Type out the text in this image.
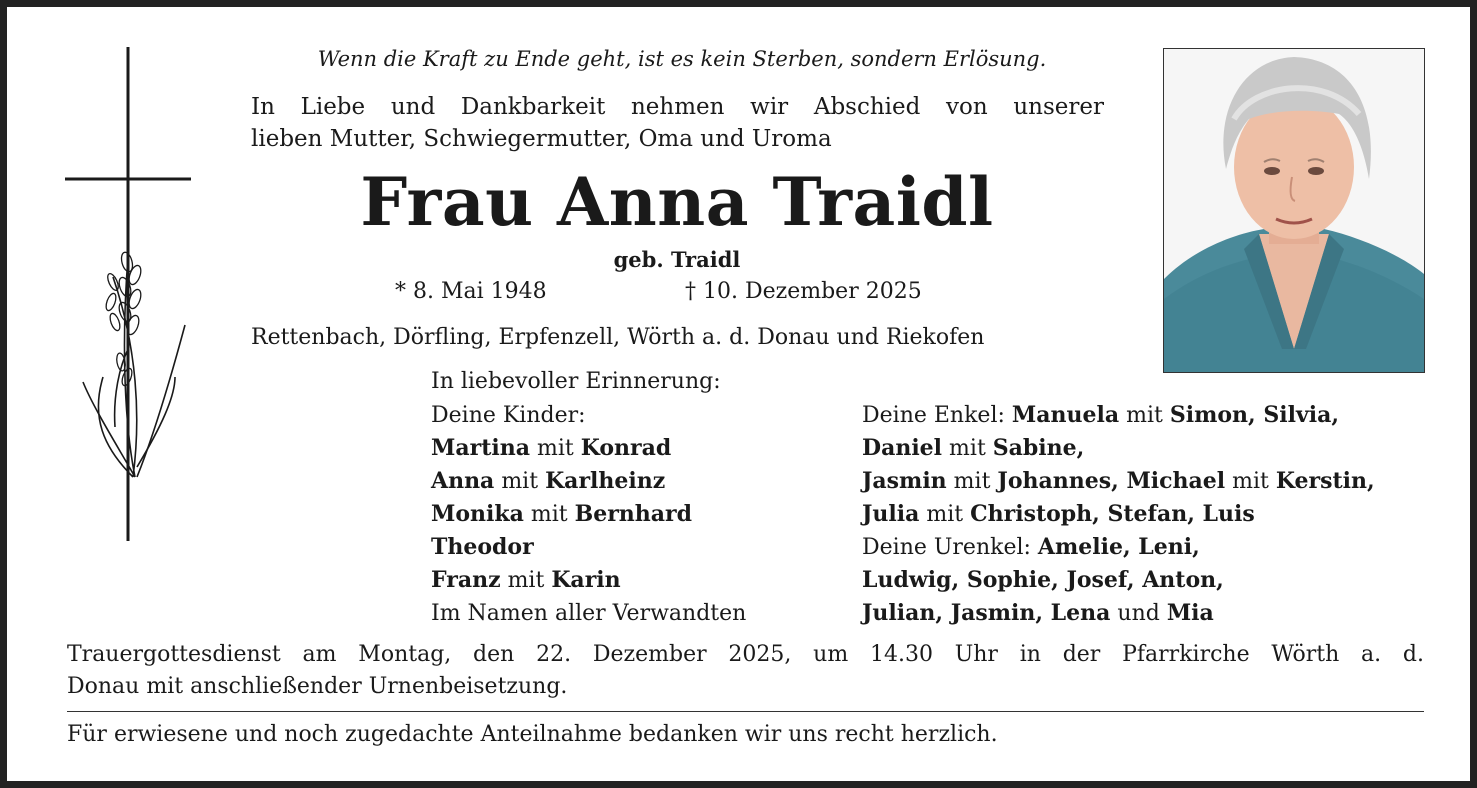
Wenn die Kraft zu Ende geht, ist es kein Sterben, sondern Erlösung.
In Liebe und Dankbarkeit nehmen wir Abschied von unserer
lieben Mutter, Schwiegermutter, Oma und Uroma
Frau Anna Traidl
geb. Traidl
* 8. Mai 1948	† 10. Dezember 2025
Rettenbach, Dörfling, Erpfenzell, Wörth a. d. Donau und Riekofen
In liebevoller Erinnerung:
Deine Kinder:
Martina mit Konrad
Anna mit Karlheinz
Monika mit Bernhard
Theodor
Franz mit Karin
Im Namen aller Verwandten
Deine Enkel: Manuela mit Simon, Silvia,
Daniel mit Sabine,
Jasmin mit Johannes, Michael mit Kerstin,
Julia mit Christoph, Stefan, Luis
Deine Urenkel: Amelie, Leni,
Ludwig, Sophie, Josef, Anton,
Julian, Jasmin, Lena und Mia
Trauergottesdienst am Montag, den 22. Dezember 2025, um 14.30 Uhr in der Pfarrkirche Wörth a. d.
Donau mit anschließender Urnenbeisetzung.
Für erwiesene und noch zugedachte Anteilnahme bedanken wir uns recht herzlich.
